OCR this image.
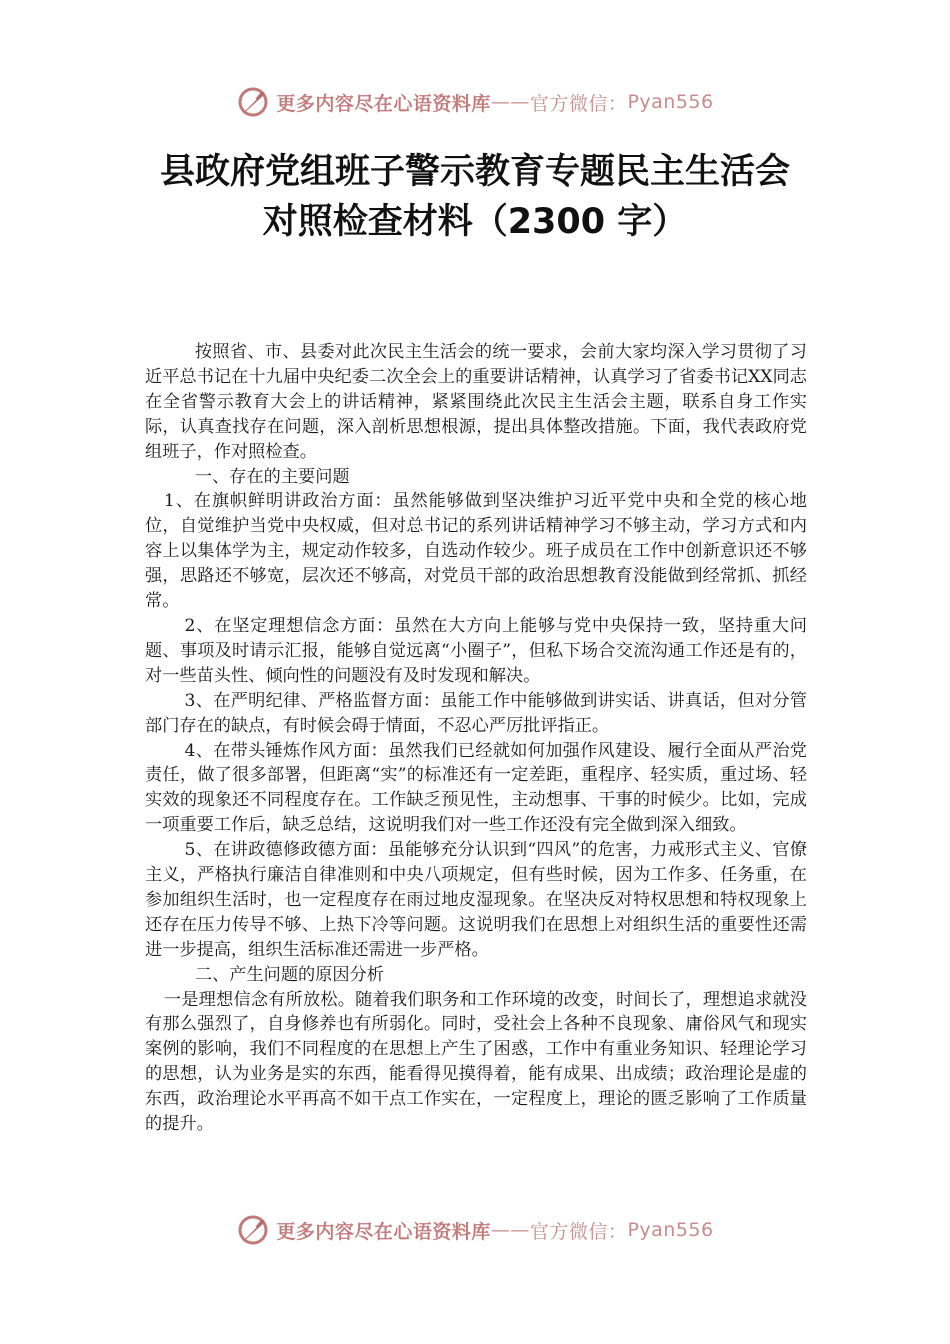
更多内容尽在心语资料库 —— 官方微信： Pyan556
县政府党组班子警示教育专题民主生活会
对照检查材料（2300 字）

按照省、市、县委对此次民主生活会的统一要求，会前大家均深入学习贯彻了习近平总书记在十九届中央纪委二次全会上的重要讲话精神，认真学习了省委书记XX同志在全省警示教育大会上的讲话精神，紧紧围绕此次民主生活会主题，联系自身工作实际，认真查找存在问题，深入剖析思想根源，提出具体整改措施。下面，我代表政府党组班子，作对照检查。

一、存在的主要问题

1、在旗帜鲜明讲政治方面：虽然能够做到坚决维护习近平党中央和全党的核心地位，自觉维护当党中央权威，但对总书记的系列讲话精神学习不够主动，学习方式和内容上以集体学为主，规定动作较多，自选动作较少。班子成员在工作中创新意识还不够强，思路还不够宽，层次还不够高，对党员干部的政治思想教育没能做到经常抓、抓经常。

2、在坚定理想信念方面：虽然在大方向上能够与党中央保持一致，坚持重大问题、事项及时请示汇报，能够自觉远离“小圈子”，但私下场合交流沟通工作还是有的，对一些苗头性、倾向性的问题没有及时发现和解决。

3、在严明纪律、严格监督方面：虽能工作中能够做到讲实话、讲真话，但对分管部门存在的缺点，有时候会碍于情面，不忍心严厉批评指正。

4、在带头锤炼作风方面：虽然我们已经就如何加强作风建设、履行全面从严治党责任，做了很多部署，但距离“实”的标准还有一定差距，重程序、轻实质，重过场、轻实效的现象还不同程度存在。工作缺乏预见性，主动想事、干事的时候少。比如，完成一项重要工作后，缺乏总结，这说明我们对一些工作还没有完全做到深入细致。

5、在讲政德修政德方面：虽能够充分认识到“四风”的危害，力戒形式主义、官僚主义，严格执行廉洁自律准则和中央八项规定，但有些时候，因为工作多、任务重，在参加组织生活时，也一定程度存在雨过地皮湿现象。在坚决反对特权思想和特权现象上还存在压力传导不够、上热下冷等问题。这说明我们在思想上对组织生活的重要性还需进一步提高，组织生活标准还需进一步严格。

二、产生问题的原因分析

一是理想信念有所放松。随着我们职务和工作环境的改变，时间长了，理想追求就没有那么强烈了，自身修养也有所弱化。同时，受社会上各种不良现象、庸俗风气和现实案例的影响，我们不同程度的在思想上产生了困惑，工作中有重业务知识、轻理论学习的思想，认为业务是实的东西，能看得见摸得着，能有成果、出成绩；政治理论是虚的东西，政治理论水平再高不如干点工作实在，一定程度上，理论的匮乏影响了工作质量的提升。

更多内容尽在心语资料库 —— 官方微信： Pyan556
